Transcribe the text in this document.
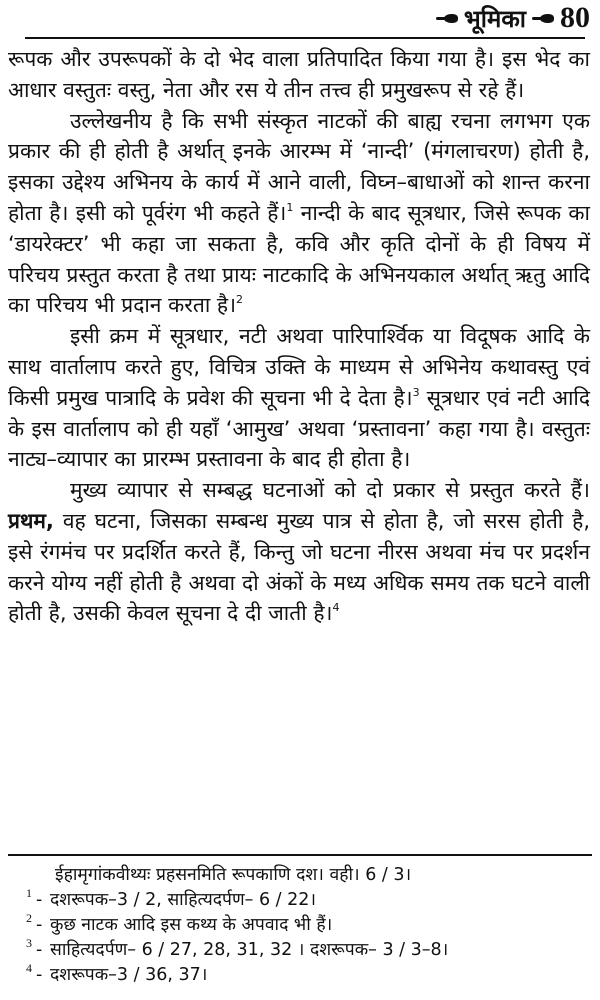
भूमिका 80

रूपक और उपरूपकों के दो भेद वाला प्रतिपादित किया गया है। इस भेद का आधार वस्तुतः वस्तु, नेता और रस ये तीन तत्त्व ही प्रमुखरूप से रहे हैं।

उल्लेखनीय है कि सभी संस्कृत नाटकों की बाह्य रचना लगभग एक प्रकार की ही होती है अर्थात् इनके आरम्भ में ‘नान्दी’ (मंगलाचरण) होती है, इसका उद्देश्य अभिनय के कार्य में आने वाली, विघ्न–बाधाओं को शान्त करना होता है। इसी को पूर्वरंग भी कहते हैं।$^1$ नान्दी के बाद सूत्रधार, जिसे रूपक का ‘डायरेक्टर’ भी कहा जा सकता है, कवि और कृति दोनों के ही विषय में परिचय प्रस्तुत करता है तथा प्रायः नाटकादि के अभिनयकाल अर्थात् ऋतु आदि का परिचय भी प्रदान करता है।$^2$

इसी क्रम में सूत्रधार, नटी अथवा पारिपार्श्विक या विदूषक आदि के साथ वार्तालाप करते हुए, विचित्र उक्ति के माध्यम से अभिनेय कथावस्तु एवं किसी प्रमुख पात्रादि के प्रवेश की सूचना भी दे देता है।$^3$ सूत्रधार एवं नटी आदि के इस वार्तालाप को ही यहाँ ‘आमुख’ अथवा ‘प्रस्तावना’ कहा गया है। वस्तुतः नाट्य–व्यापार का प्रारम्भ प्रस्तावना के बाद ही होता है।

मुख्य व्यापार से सम्बद्ध घटनाओं को दो प्रकार से प्रस्तुत करते हैं। प्रथम, वह घटना, जिसका सम्बन्ध मुख्य पात्र से होता है, जो सरस होती है, इसे रंगमंच पर प्रदर्शित करते हैं, किन्तु जो घटना नीरस अथवा मंच पर प्रदर्शन करने योग्य नहीं होती है अथवा दो अंकों के मध्य अधिक समय तक घटने वाली होती है, उसकी केवल सूचना दे दी जाती है।$^4$

ईहामृगांकवीथ्यः प्रहसनमिति रूपकाणि दश। वही। 6 / 3।
1 - दशरूपक–3 / 2, साहित्यदर्पण– 6 / 22।
2 - कुछ नाटक आदि इस कथ्य के अपवाद भी हैं।
3 - साहित्यदर्पण– 6 / 27, 28, 31, 32 । दशरूपक– 3 / 3–8।
4 - दशरूपक–3 / 36, 37।
